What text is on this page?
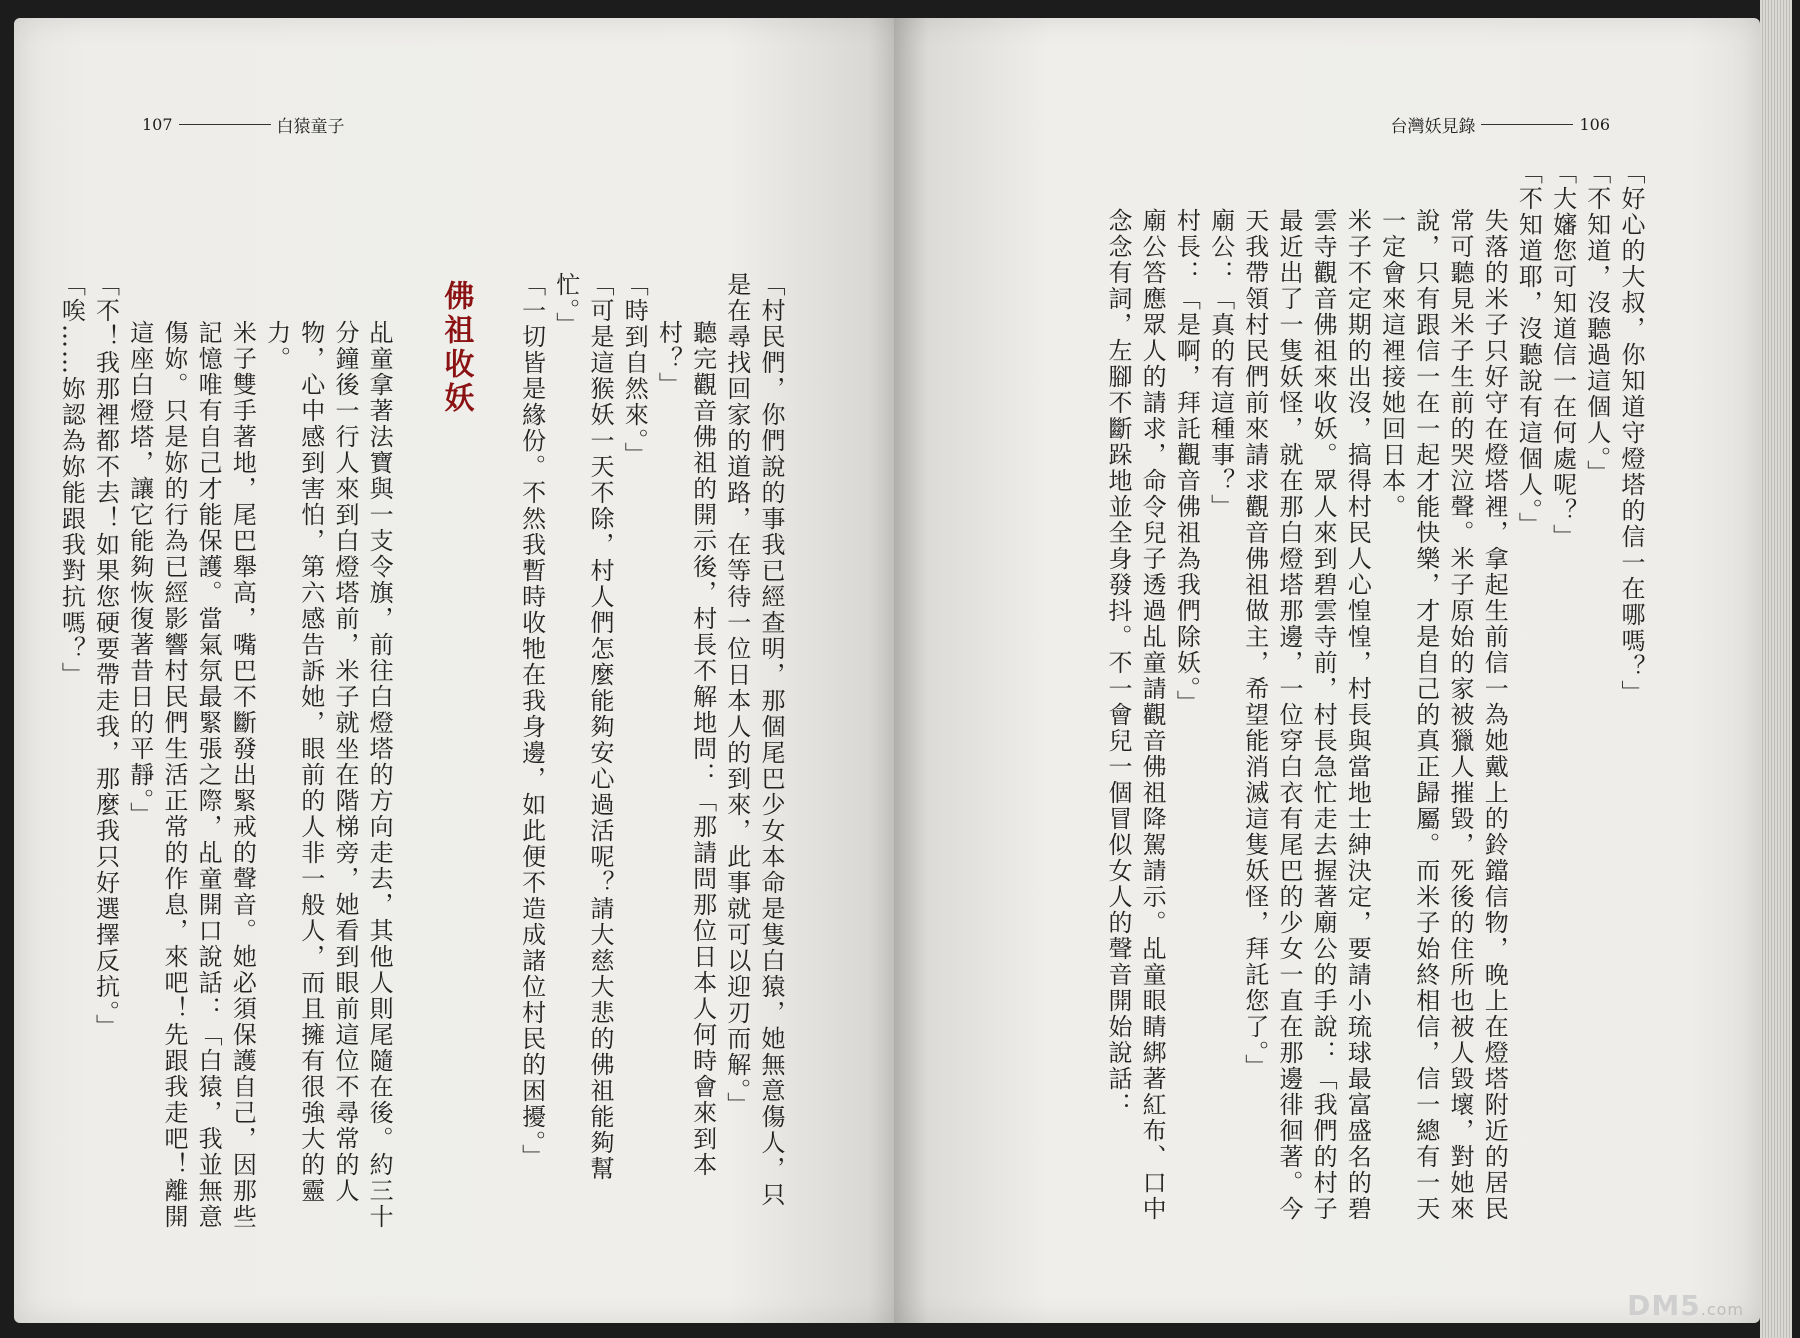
107	白猿童子	台灣妖見錄	106
「好心的大叔，你知道守燈塔的信一在哪嗎？」
「不知道，沒聽過這個人。」
「大嬸您可知道信一在何處呢？」
「不知道耶，沒聽說有這個人。」
失落的米子只好守在燈塔裡，拿起生前信一為她戴上的鈴鐺信物，晚上在燈塔附近的居民常可聽見米子生前的哭泣聲。米子原始的家被獵人摧毀，死後的住所也被人毀壞，對她來說，只有跟信一在一起才能快樂，才是自己的真正歸屬。而米子始終相信，信一總有一天一定會來這裡接她回日本。
米子不定期的出沒，搞得村民人心惶惶，村長與當地士紳決定，要請小琉球最富盛名的碧雲寺觀音佛祖來收妖。眾人來到碧雲寺前，村長急忙走去握著廟公的手說：「我們的村子最近出了一隻妖怪，就在那白燈塔那邊，一位穿白衣有尾巴的少女一直在那邊徘徊著。今天我帶領村民們前來請求觀音佛祖做主，希望能消滅這隻妖怪，拜託您了。」
廟公：「真的有這種事？」
村長：「是啊，拜託觀音佛祖為我們除妖。」
廟公答應眾人的請求，命令兒子透過乩童請觀音佛祖降駕請示。乩童眼睛綁著紅布、口中念念有詞，左腳不斷跺地並全身發抖。不一會兒一個冒似女人的聲音開始說話：
「村民們，你們說的事我已經查明，那個尾巴少女本命是隻白猿，她無意傷人，只是在尋找回家的道路，在等待一位日本人的到來，此事就可以迎刃而解。」
聽完觀音佛祖的開示後，村長不解地問：「那請問那位日本人何時會來到本村？」
「時到自然來。」
「可是這猴妖一天不除，村人們怎麼能夠安心過活呢？請大慈大悲的佛祖能夠幫忙。」
「一切皆是緣份。不然我暫時收牠在我身邊，如此便不造成諸位村民的困擾。」
佛祖收妖
乩童拿著法寶與一支令旗，前往白燈塔的方向走去，其他人則尾隨在後。約三十分鐘後一行人來到白燈塔前，米子就坐在階梯旁，她看到眼前這位不尋常的人物，心中感到害怕，第六感告訴她，眼前的人非一般人，而且擁有很強大的靈力。
米子雙手著地，尾巴舉高，嘴巴不斷發出緊戒的聲音。她必須保護自己，因那些記憶唯有自己才能保護。當氣氛最緊張之際，乩童開口說話：「白猿，我並無意傷妳。只是妳的行為已經影響村民們生活正常的作息，來吧！先跟我走吧！離開這座白燈塔，讓它能夠恢復著昔日的平靜。」
「不！我那裡都不去！如果您硬要帶走我，那麼我只好選擇反抗。」
「唉……妳認為妳能跟我對抗嗎？」
DM5.com
